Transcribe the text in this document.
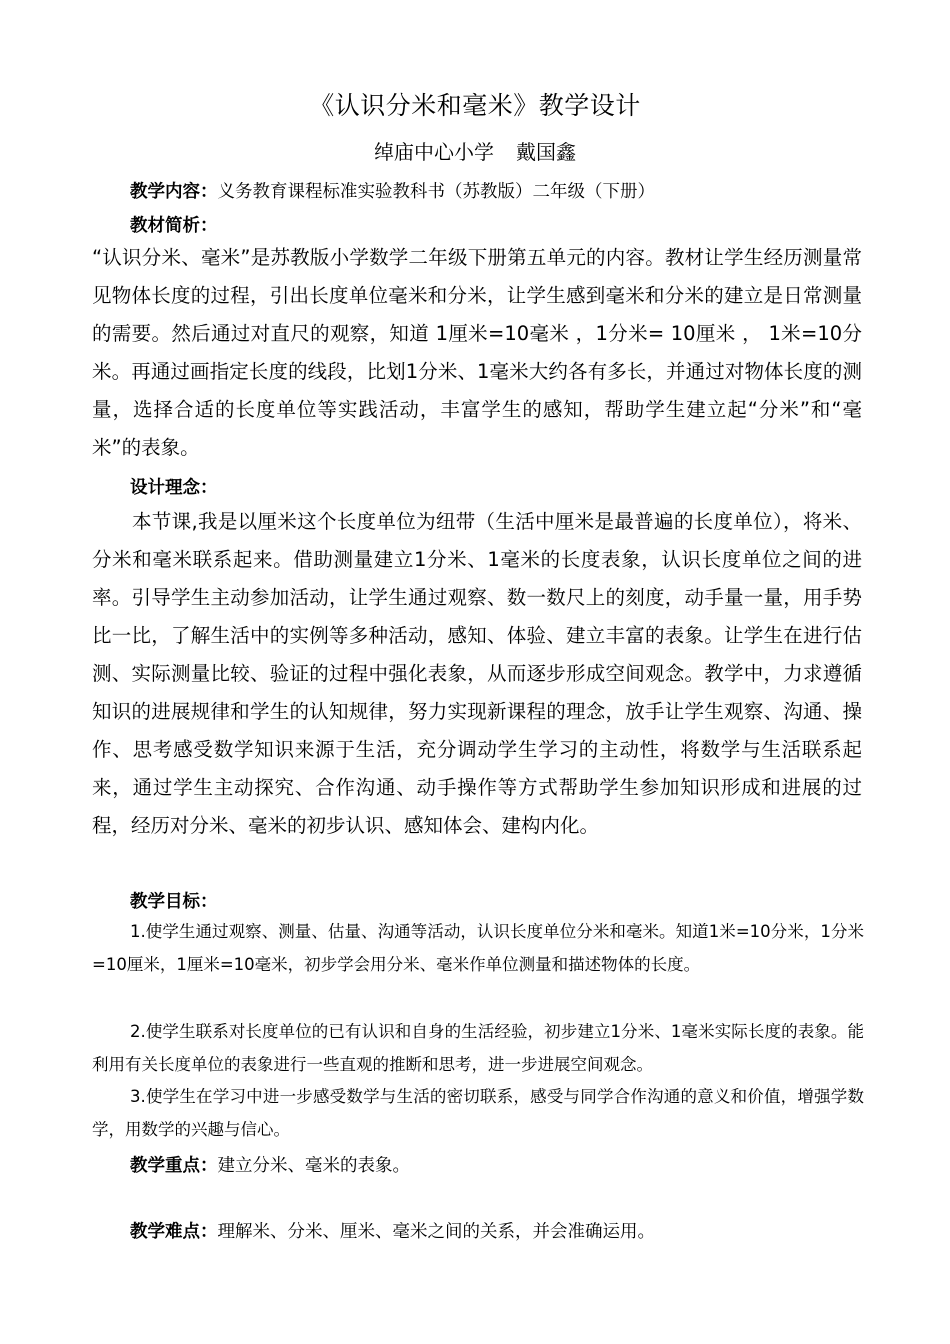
《认识分米和毫米》教学设计
绰庙中心小学 戴国鑫
教学内容：义务教育课程标准实验教科书（苏教版）二年级（下册）
教材简析：

“认识分米、毫米”是苏教版小学数学二年级下册第五单元的内容。教材让学生经历测量常见物体长度的过程，引出长度单位毫米和分米，让学生感到毫米和分米的建立是日常测量的需要。然后通过对直尺的观察，知道 1厘米=10毫米 ，1分米= 10厘米 ， 1米=10分米。再通过画指定长度的线段，比划1分米、1毫米大约各有多长，并通过对物体长度的测量，选择合适的长度单位等实践活动，丰富学生的感知，帮助学生建立起“分米”和“毫米”的表象。

设计理念：

本节课,我是以厘米这个长度单位为纽带（生活中厘米是最普遍的长度单位），将米、分米和毫米联系起来。借助测量建立1分米、1毫米的长度表象，认识长度单位之间的进率。引导学生主动参加活动，让学生通过观察、数一数尺上的刻度，动手量一量，用手势比一比，了解生活中的实例等多种活动，感知、体验、建立丰富的表象。让学生在进行估测、实际测量比较、验证的过程中强化表象，从而逐步形成空间观念。教学中，力求遵循知识的进展规律和学生的认知规律，努力实现新课程的理念，放手让学生观察、沟通、操作、思考感受数学知识来源于生活，充分调动学生学习的主动性，将数学与生活联系起来，通过学生主动探究、合作沟通、动手操作等方式帮助学生参加知识形成和进展的过程，经历对分米、毫米的初步认识、感知体会、建构内化。

教学目标：

1.使学生通过观察、测量、估量、沟通等活动，认识长度单位分米和毫米。知道1米=10分米，1分米=10厘米，1厘米=10毫米，初步学会用分米、毫米作单位测量和描述物体的长度。

2.使学生联系对长度单位的已有认识和自身的生活经验，初步建立1分米、1毫米实际长度的表象。能利用有关长度单位的表象进行一些直观的推断和思考，进一步进展空间观念。

3.使学生在学习中进一步感受数学与生活的密切联系，感受与同学合作沟通的意义和价值，增强学数学，用数学的兴趣与信心。

教学重点：建立分米、毫米的表象。
教学难点：理解米、分米、厘米、毫米之间的关系，并会准确运用。
